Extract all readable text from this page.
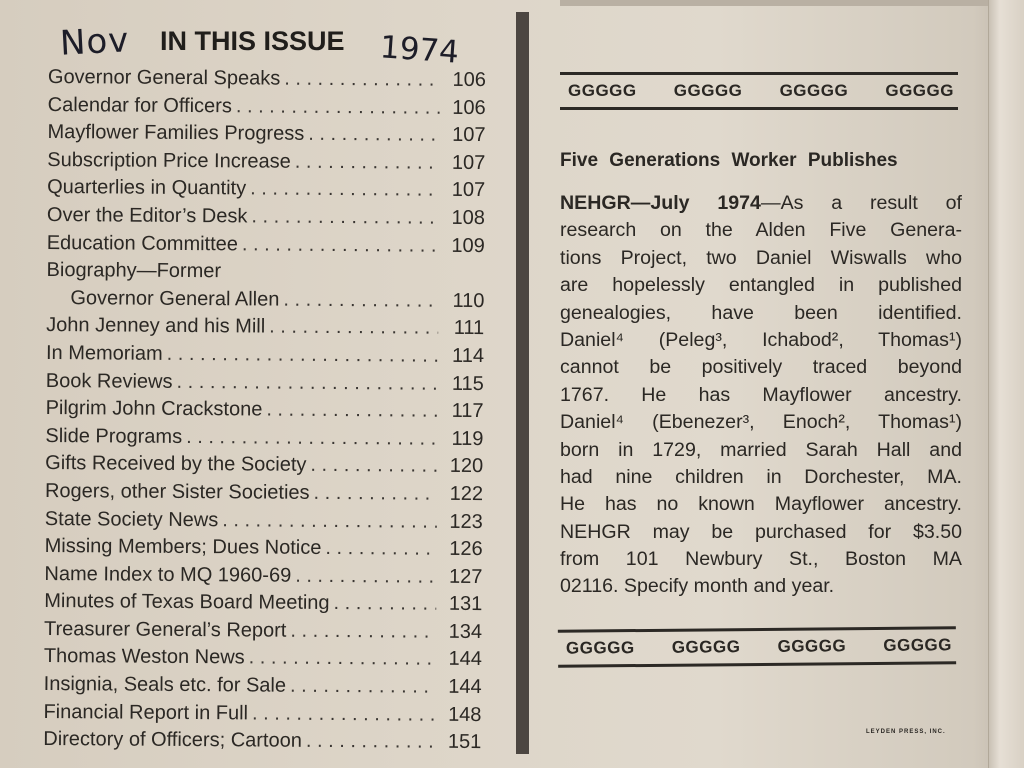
Nov IN THIS ISSUE 1974
Governor General Speaks . . .	106
Calendar for Officers . . .	106
Mayflower Families Progress . . .	107
Subscription Price Increase . . .	107
Quarterlies in Quantity . . .	107
Over the Editor’s Desk . . .	108
Education Committee . . .	109
Biography—Former
Governor General Allen . . .	110
John Jenney and his Mill . . .	111
In Memoriam . . .	114
Book Reviews . . .	115
Pilgrim John Crackstone . . .	117
Slide Programs . . .	119
Gifts Received by the Society . . .	120
Rogers, other Sister Societies . . .	122
State Society News . . .	123
Missing Members; Dues Notice . . .	126
Name Index to MQ 1960-69 . . .	127
Minutes of Texas Board Meeting . . .	131
Treasurer General’s Report . . .	134
Thomas Weston News . . .	144
Insignia, Seals etc. for Sale . . .	144
Financial Report in Full . . .	148
Directory of Officers; Cartoon . . .	151
GGGGG GGGGG GGGGG GGGGG
Five Generations Worker Publishes
NEHGR—July 1974—As a result of
research on the Alden Five Genera-
tions Project, two Daniel Wiswalls who
are hopelessly entangled in published
genealogies, have been identified.
Daniel⁴ (Peleg³, Ichabod², Thomas¹)
cannot be positively traced beyond
1767. He has Mayflower ancestry.
Daniel⁴ (Ebenezer³, Enoch², Thomas¹)
born in 1729, married Sarah Hall and
had nine children in Dorchester, MA.
He has no known Mayflower ancestry.
NEHGR may be purchased for $3.50
from 101 Newbury St., Boston MA
02116. Specify month and year.
GGGGG GGGGG GGGGG GGGGG
LEYDEN PRESS, INC.
